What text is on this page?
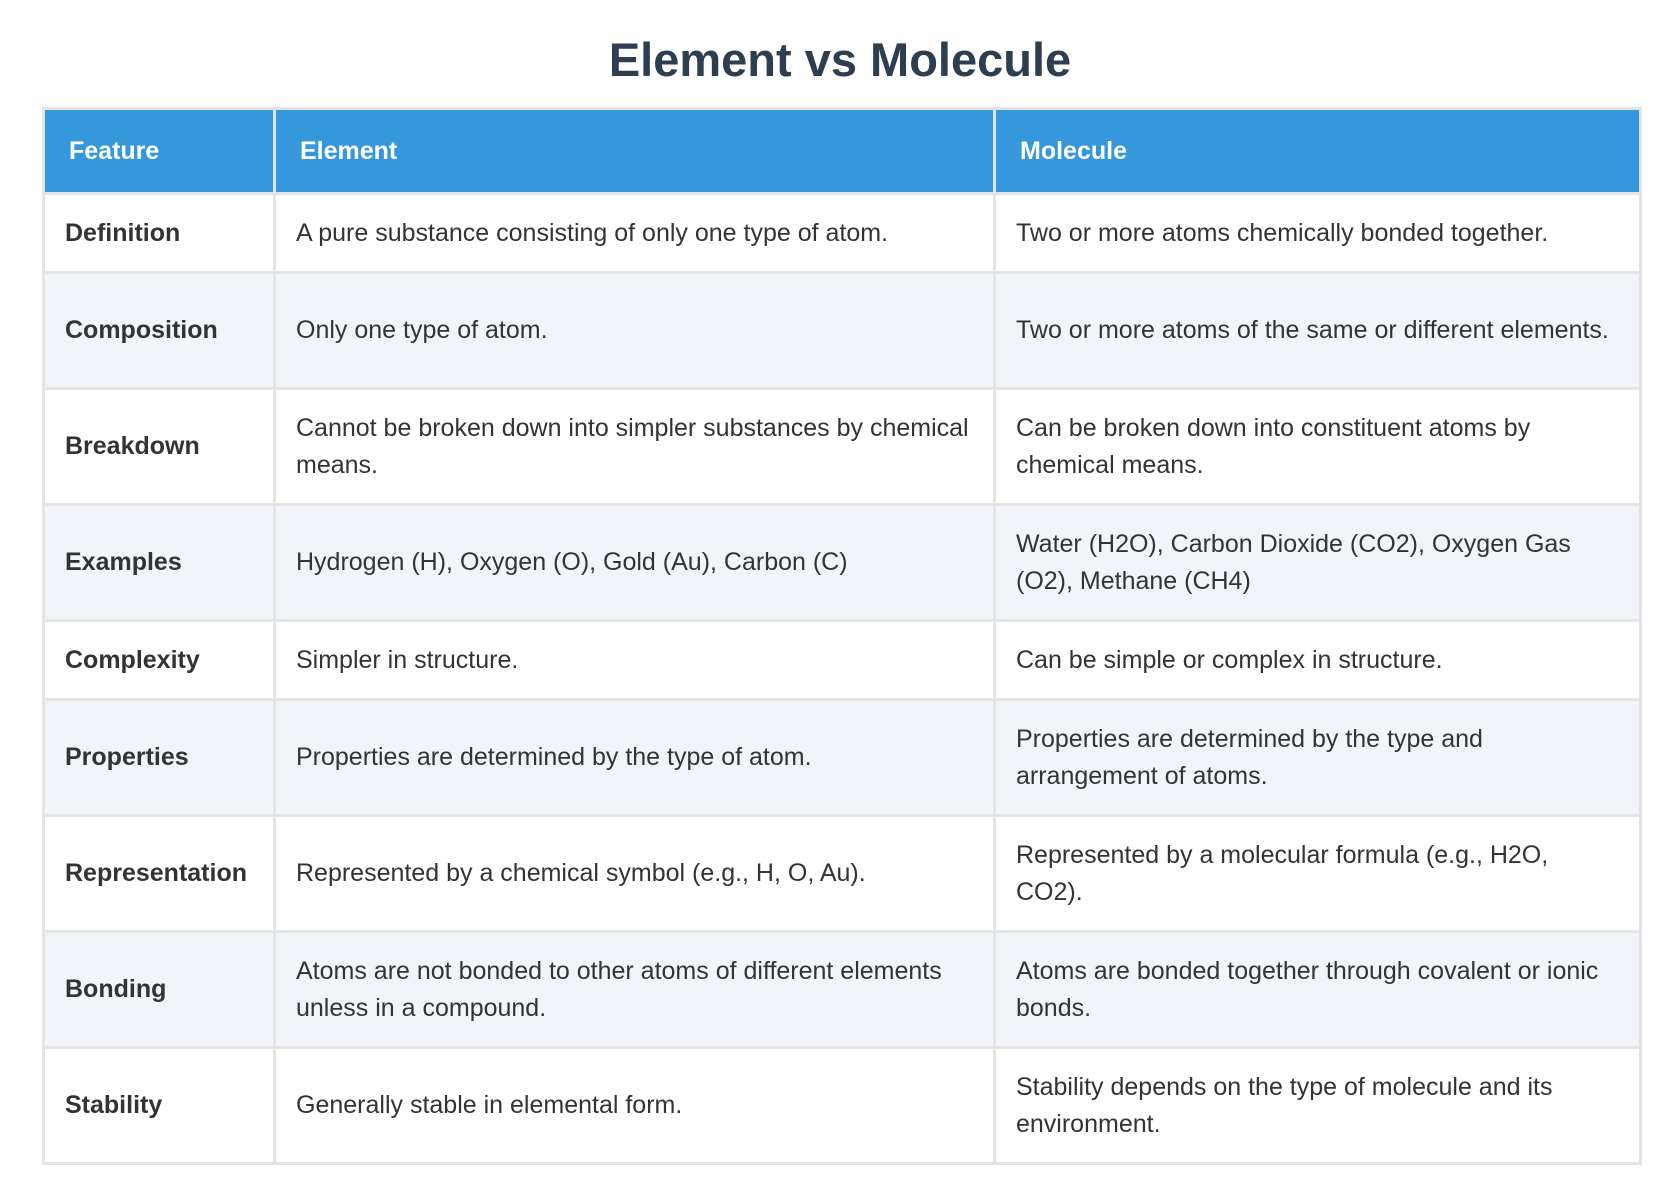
Element vs Molecule
Feature	Element	Molecule
Definition	A pure substance consisting of only one type of atom.	Two or more atoms chemically bonded together.
Composition	Only one type of atom.	Two or more atoms of the same or different elements.
Breakdown	Cannot be broken down into simpler substances by chemical means.	Can be broken down into constituent atoms by chemical means.
Examples	Hydrogen (H), Oxygen (O), Gold (Au), Carbon (C)	Water (H2O), Carbon Dioxide (CO2), Oxygen Gas (O2), Methane (CH4)
Complexity	Simpler in structure.	Can be simple or complex in structure.
Properties	Properties are determined by the type of atom.	Properties are determined by the type and arrangement of atoms.
Representation	Represented by a chemical symbol (e.g., H, O, Au).	Represented by a molecular formula (e.g., H2O, CO2).
Bonding	Atoms are not bonded to other atoms of different elements unless in a compound.	Atoms are bonded together through covalent or ionic bonds.
Stability	Generally stable in elemental form.	Stability depends on the type of molecule and its environment.
